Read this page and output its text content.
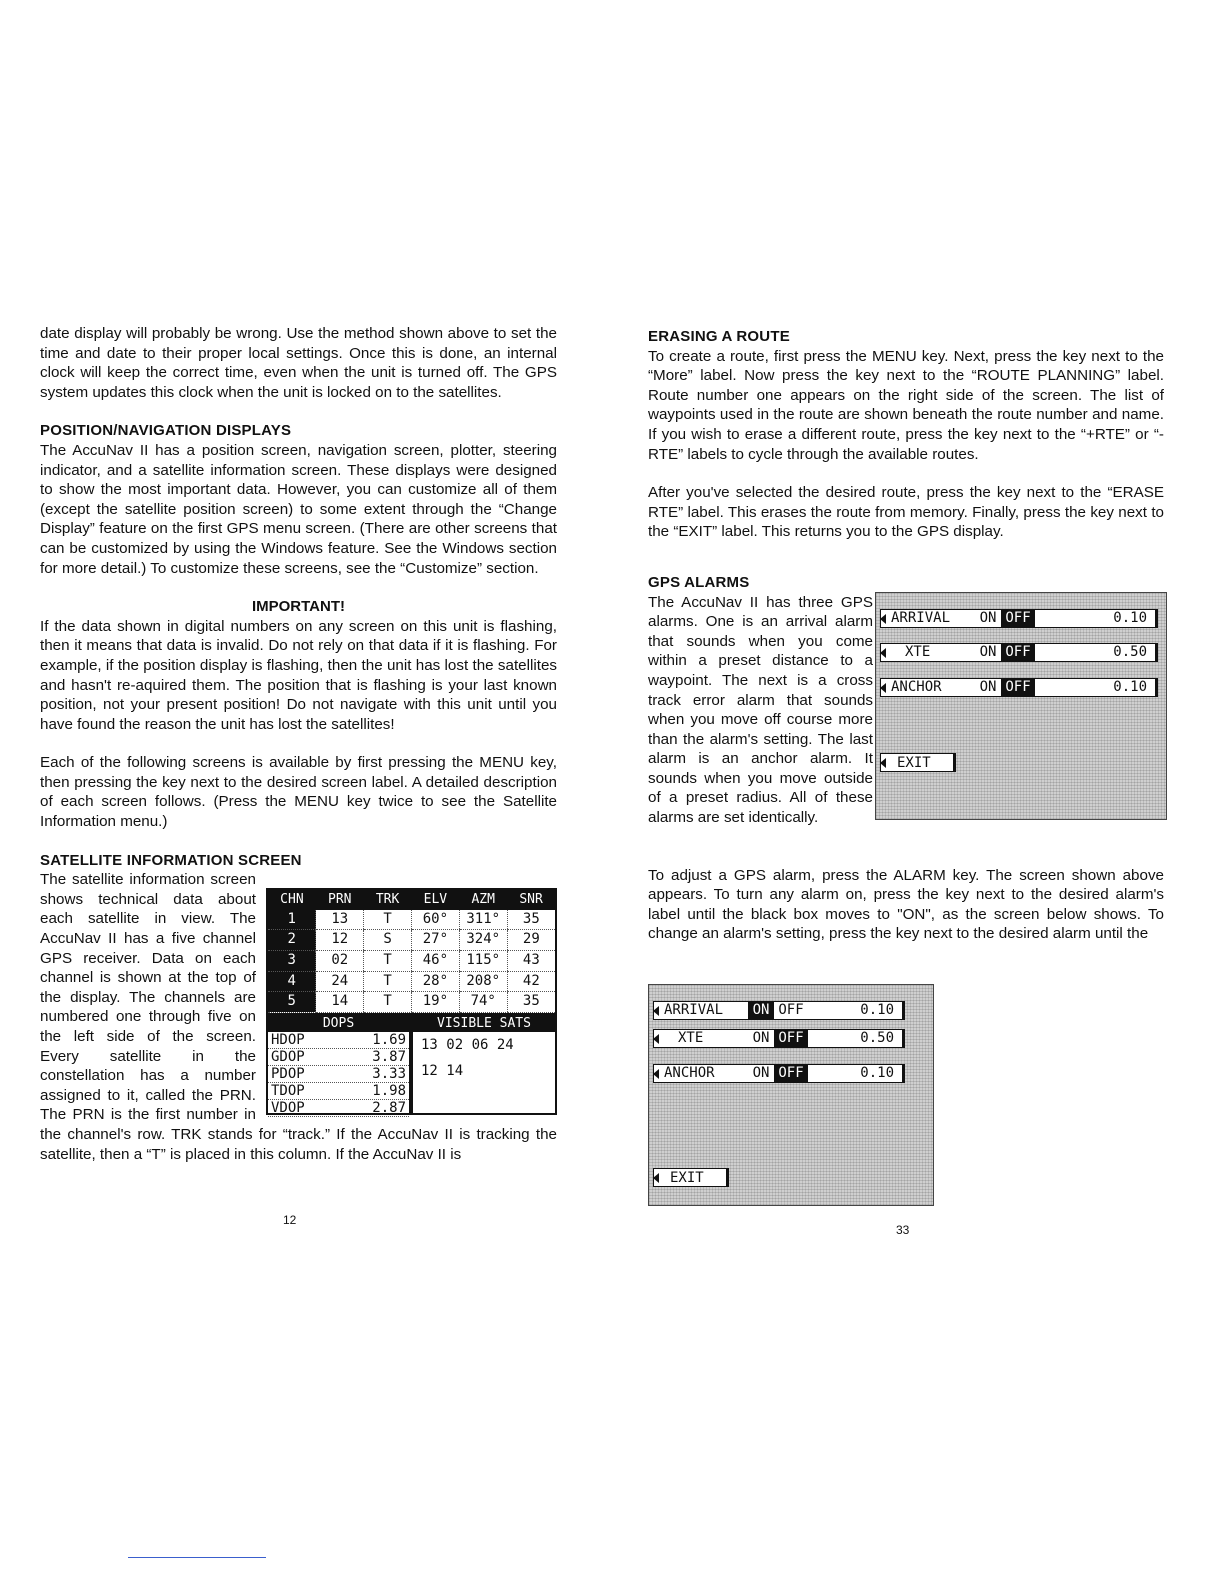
date display will probably be wrong. Use the method shown above to set the time and date to their proper local settings. Once this is done, an internal clock will keep the correct time, even when the unit is turned off. The GPS system updates this clock when the unit is locked on to the satellites.

POSITION/NAVIGATION DISPLAYS

The AccuNav II has a position screen, navigation screen, plotter, steering indicator, and a satellite information screen. These displays were designed to show the most important data. However, you can customize all of them (except the satellite position screen) to some extent through the “Change Display” feature on the first GPS menu screen. (There are other screens that can be customized by using the Windows feature. See the Windows section for more detail.) To customize these screens, see the “Customize” section.

IMPORTANT!

If the data shown in digital numbers on any screen on this unit is flashing, then it means that data is invalid. Do not rely on that data if it is flashing. For example, if the position display is flashing, then the unit has lost the satellites and hasn't re-aquired them. The position that is flashing is your last known position, not your present position! Do not navigate with this unit until you have found the reason the unit has lost the satellites!

Each of the following screens is available by first pressing the MENU key, then pressing the key next to the desired screen label. A detailed description of each screen follows. (Press the MENU key twice to see the Satellite Information menu.)

SATELLITE INFORMATION SCREEN
CHN	PRN	TRK	ELV	AZM	SNR
1	13	T	60°	311°	35
2	12	S	27°	324°	29
3	02	T	46°	115°	43
4	24	T	28°	208°	42
5	14	T	19°	74°	35
DOPS
HDOP	1.69
GDOP	3.87
PDOP	3.33
TDOP	1.98
VDOP	2.87
VISIBLE SATS
13 02 06 24
12 14

The satellite information screen shows technical data about each satellite in view. The AccuNav II has a five channel GPS receiver. Data on each channel is shown at the top of the display. The channels are numbered one through five on the left side of the screen. Every satellite in the constellation has a number assigned to it, called the PRN. The PRN is the first number in the channel's row. TRK stands for “track.” If the AccuNav II is tracking the satellite, then a “T” is placed in this column. If the AccuNav II is

12
ERASING A ROUTE

To create a route, first press the MENU key. Next, press the key next to the “More” label. Now press the key next to the “ROUTE PLANNING” label. Route number one appears on the right side of the screen. The list of waypoints used in the route are shown beneath the route number and name. If you wish to erase a different route, press the key next to the “+RTE” or “-RTE” labels to cycle through the available routes.

After you've selected the desired route, press the key next to the “ERASE RTE” label. This erases the route from memory. Finally, press the key next to the “EXIT” label. This returns you to the GPS display.

GPS ALARMS

The AccuNav II has three GPS alarms. One is an arrival alarm that sounds when you come within a preset distance to a waypoint. The next is a cross track error alarm that sounds when you move off course more than the alarm's setting. The last alarm is an anchor alarm. It sounds when you move outside of a preset radius. All of these alarms are set identically.

To adjust a GPS alarm, press the ALARM key. The screen shown above appears. To turn any alarm on, press the key next to the desired alarm's label until the black box moves to "ON", as the screen below shows. To change an alarm's setting, press the key next to the desired alarm until the

33
ARRIVAL	ON OFF	0.10
XTE	ON OFF	0.50
ANCHOR	ON OFF	0.10
EXIT
ARRIVAL	ON OFF	0.10
XTE	ON OFF	0.50
ANCHOR	ON OFF	0.10
EXIT
